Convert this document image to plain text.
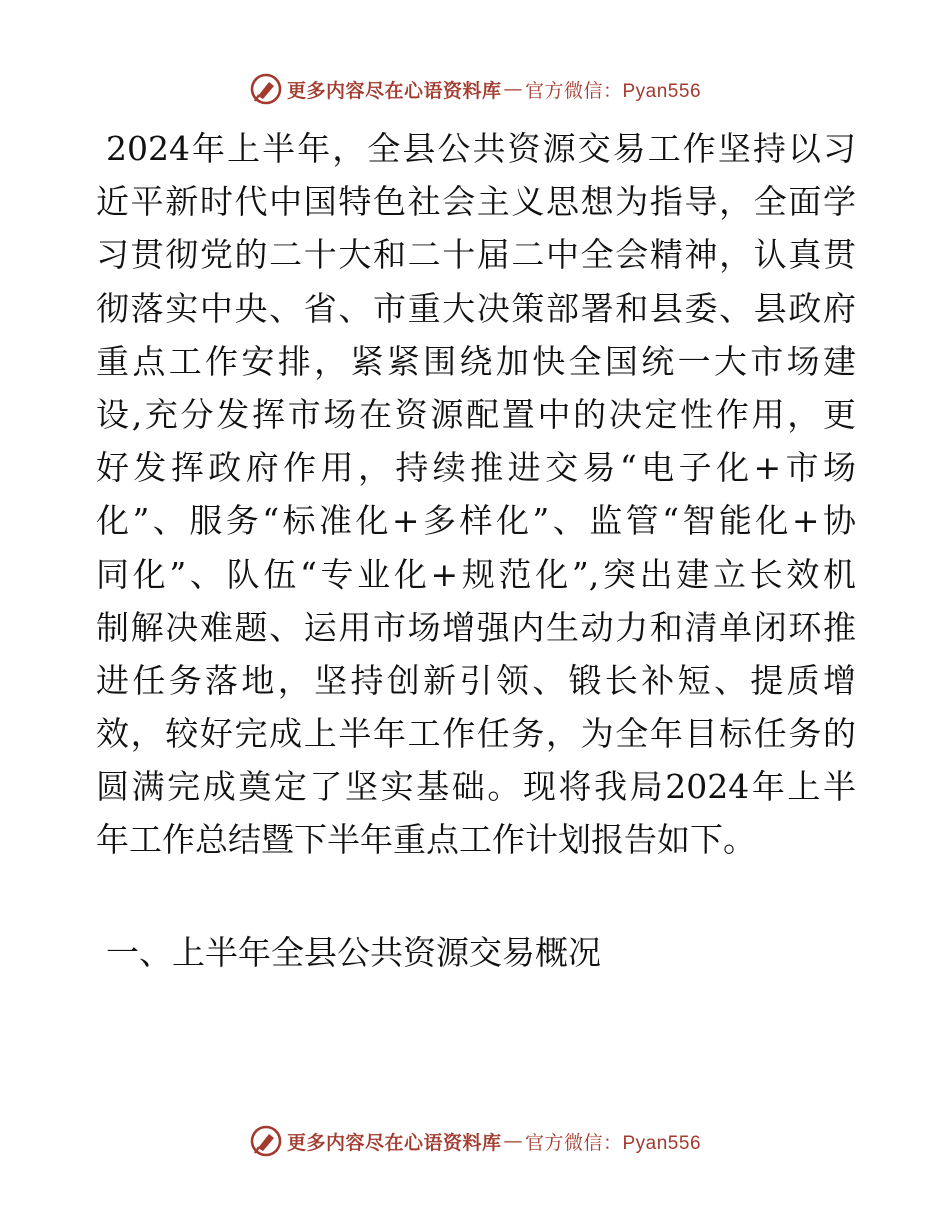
更多内容尽在心语资料库 — 官方微信：Pyan556
2024年上半年，全县公共资源交易工作坚持以习
近平新时代中国特色社会主义思想为指导，全面学
习贯彻党的二十大和二十届二中全会精神，认真贯
彻落实中央、省、市重大决策部署和县委、县政府
重点工作安排，紧紧围绕加快全国统一大市场建
设,充分发挥市场在资源配置中的决定性作用，更
好发挥政府作用，持续推进交易“电子化+市场
化”、服务“标准化+多样化”、监管“智能化+协
同化”、队伍“专业化+规范化”,突出建立长效机
制解决难题、运用市场增强内生动力和清单闭环推
进任务落地，坚持创新引领、锻长补短、提质增
效，较好完成上半年工作任务，为全年目标任务的
圆满完成奠定了坚实基础。现将我局2024年上半
年工作总结暨下半年重点工作计划报告如下。
一、上半年全县公共资源交易概况
更多内容尽在心语资料库 — 官方微信：Pyan556
